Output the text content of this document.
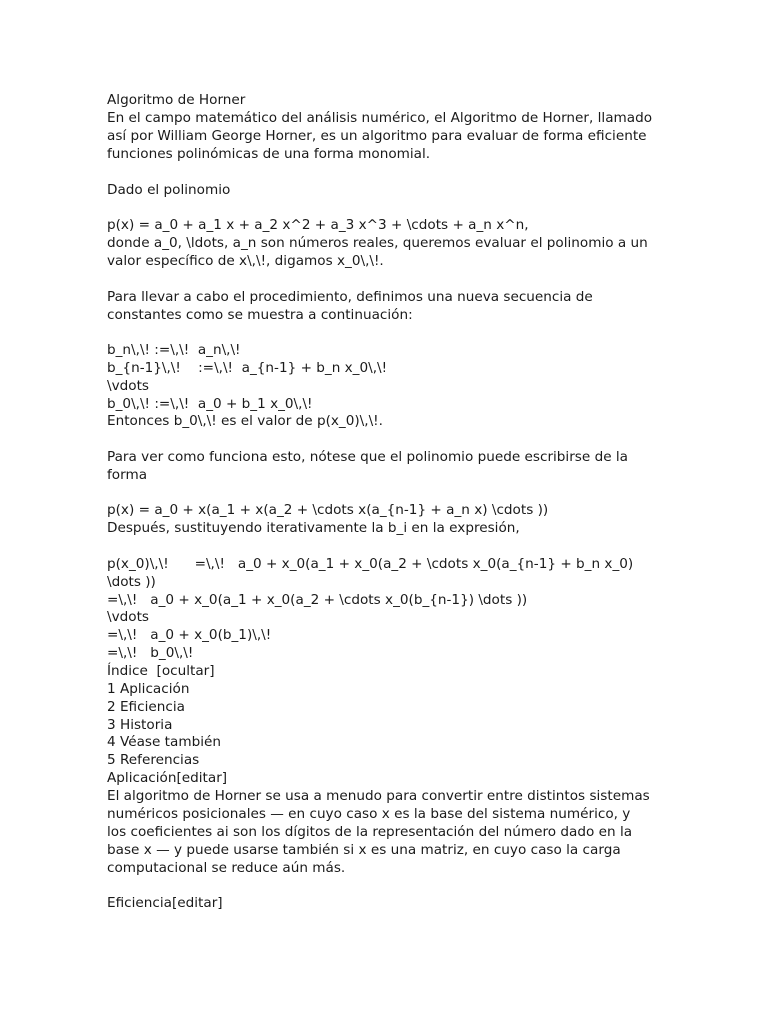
Algoritmo de Horner
En el campo matemático del análisis numérico, el Algoritmo de Horner, llamado
así por William George Horner, es un algoritmo para evaluar de forma eficiente
funciones polinómicas de una forma monomial.
Dado el polinomio
p(x) = a_0 + a_1 x + a_2 x^2 + a_3 x^3 + \cdots + a_n x^n,
donde a_0, \ldots, a_n son números reales, queremos evaluar el polinomio a un
valor específico de x\,\!, digamos x_0\,\!.
Para llevar a cabo el procedimiento, definimos una nueva secuencia de
constantes como se muestra a continuación:
b_n\,\! :=\,\!  a_n\,\!
b_{n-1}\,\!    :=\,\!  a_{n-1} + b_n x_0\,\!
\vdots
b_0\,\! :=\,\!  a_0 + b_1 x_0\,\!
Entonces b_0\,\! es el valor de p(x_0)\,\!.
Para ver como funciona esto, nótese que el polinomio puede escribirse de la
forma
p(x) = a_0 + x(a_1 + x(a_2 + \cdots x(a_{n-1} + a_n x) \cdots ))
Después, sustituyendo iterativamente la b_i en la expresión,
p(x_0)\,\!      =\,\!   a_0 + x_0(a_1 + x_0(a_2 + \cdots x_0(a_{n-1} + b_n x_0)
\dots ))
=\,\!   a_0 + x_0(a_1 + x_0(a_2 + \cdots x_0(b_{n-1}) \dots ))
\vdots
=\,\!   a_0 + x_0(b_1)\,\!
=\,\!   b_0\,\!
Índice  [ocultar]
1 Aplicación
2 Eficiencia
3 Historia
4 Véase también
5 Referencias
Aplicación[editar]
El algoritmo de Horner se usa a menudo para convertir entre distintos sistemas
numéricos posicionales — en cuyo caso x es la base del sistema numérico, y
los coeficientes ai son los dígitos de la representación del número dado en la
base x — y puede usarse también si x es una matriz, en cuyo caso la carga
computacional se reduce aún más.
Eficiencia[editar]
